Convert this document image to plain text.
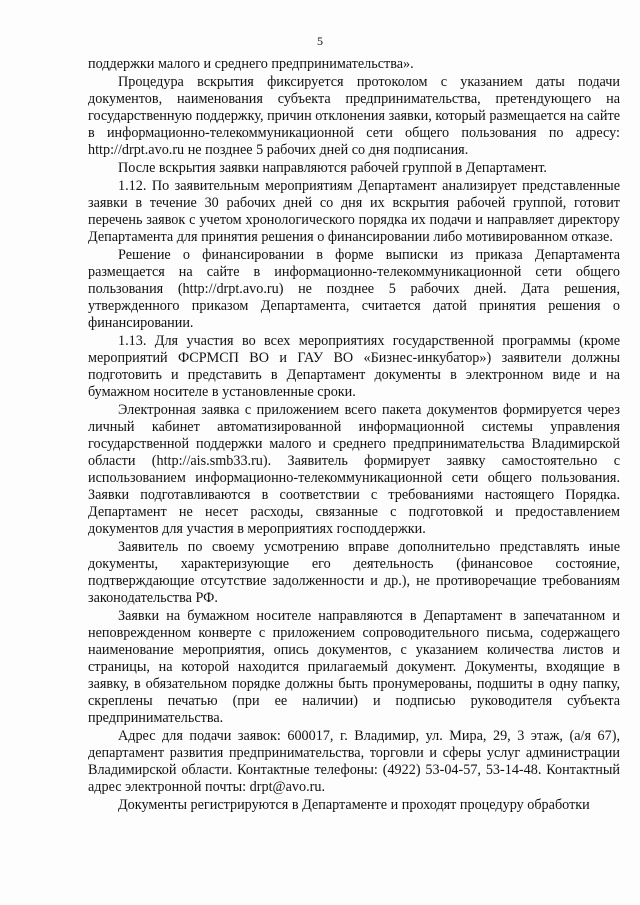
5

поддержки малого и среднего предпринимательства».

Процедура вскрытия фиксируется протоколом с указанием даты подачи документов, наименования субъекта предпринимательства, претендующего на государственную поддержку, причин отклонения заявки, который размещается на сайте в информационно-телекоммуникационной сети общего пользования по адресу: http://drpt.avo.ru не позднее 5 рабочих дней со дня подписания.

После вскрытия заявки направляются рабочей группой в Департамент.

1.12. По заявительным мероприятиям Департамент анализирует представленные заявки в течение 30 рабочих дней со дня их вскрытия рабочей группой, готовит перечень заявок с учетом хронологического порядка их подачи и направляет директору Департамента для принятия решения о финансировании либо мотивированном отказе.

Решение о финансировании в форме выписки из приказа Департамента размещается на сайте в информационно-телекоммуникационной сети общего пользования (http://drpt.avo.ru) не позднее 5 рабочих дней. Дата решения, утвержденного приказом Департамента, считается датой принятия решения о финансировании.

1.13. Для участия во всех мероприятиях государственной программы (кроме мероприятий ФСРМСП ВО и ГАУ ВО «Бизнес-инкубатор») заявители должны подготовить и представить в Департамент документы в электронном виде и на бумажном носителе в установленные сроки.

Электронная заявка с приложением всего пакета документов формируется через личный кабинет автоматизированной информационной системы управления государственной поддержки малого и среднего предпринимательства Владимирской области (http://ais.smb33.ru). Заявитель формирует заявку самостоятельно с использованием информационно-телекоммуникационной сети общего пользования. Заявки подготавливаются в соответствии с требованиями настоящего Порядка. Департамент не несет расходы, связанные с подготовкой и предоставлением документов для участия в мероприятиях господдержки.

Заявитель по своему усмотрению вправе дополнительно представлять иные документы, характеризующие его деятельность (финансовое состояние, подтверждающие отсутствие задолженности и др.), не противоречащие требованиям законодательства РФ.

Заявки на бумажном носителе направляются в Департамент в запечатанном и неповрежденном конверте с приложением сопроводительного письма, содержащего наименование мероприятия, опись документов, с указанием количества листов и страницы, на которой находится прилагаемый документ. Документы, входящие в заявку, в обязательном порядке должны быть пронумерованы, подшиты в одну папку, скреплены печатью (при ее наличии) и подписью руководителя субъекта предпринимательства.

Адрес для подачи заявок: 600017, г. Владимир, ул. Мира, 29, 3 этаж, (а/я 67), департамент развития предпринимательства, торговли и сферы услуг администрации Владимирской области. Контактные телефоны: (4922) 53-04-57, 53-14-48. Контактный адрес электронной почты: drpt@avo.ru.

Документы регистрируются в Департаменте и проходят процедуру обработки
